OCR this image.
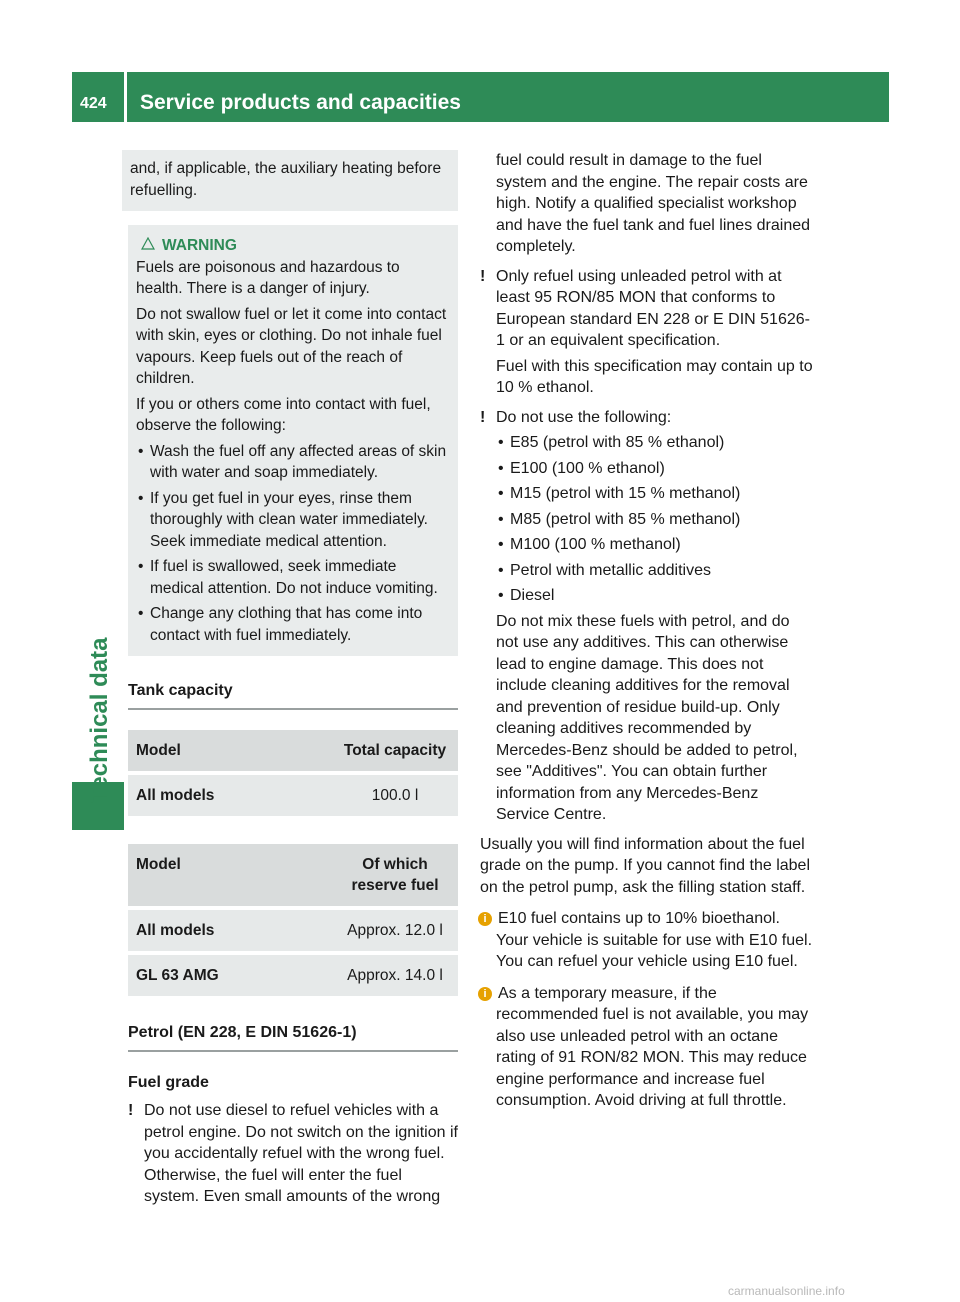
424 Service products and capacities
Technical data

and, if applicable, the auxiliary heating before refuelling.

WARNING

Fuels are poisonous and hazardous to health. There is a danger of injury.

Do not swallow fuel or let it come into contact with skin, eyes or clothing. Do not inhale fuel vapours. Keep fuels out of the reach of children.

If you or others come into contact with fuel, observe the following:

• Wash the fuel off any affected areas of skin with water and soap immediately.

• If you get fuel in your eyes, rinse them thoroughly with clean water immediately. Seek immediate medical attention.

• If fuel is swallowed, seek immediate medical attention. Do not induce vomiting.

• Change any clothing that has come into contact with fuel immediately.

Tank capacity
Model	Total capacity
All models	100.0 l
Model	Of which reserve fuel
All models	Approx. 12.0 l
GL 63 AMG	Approx. 14.0 l
Petrol (EN 228, E DIN 51626-1)
Fuel grade

! Do not use diesel to refuel vehicles with a petrol engine. Do not switch on the ignition if you accidentally refuel with the wrong fuel. Otherwise, the fuel will enter the fuel system. Even small amounts of the wrong

fuel could result in damage to the fuel system and the engine. The repair costs are high. Notify a qualified specialist workshop and have the fuel tank and fuel lines drained completely.

! Only refuel using unleaded petrol with at least 95 RON/85 MON that conforms to European standard EN 228 or E DIN 51626-1 or an equivalent specification.

Fuel with this specification may contain up to 10 % ethanol.

! Do not use the following:

• E85 (petrol with 85 % ethanol)

• E100 (100 % ethanol)

• M15 (petrol with 15 % methanol)

• M85 (petrol with 85 % methanol)

• M100 (100 % methanol)

• Petrol with metallic additives

• Diesel

Do not mix these fuels with petrol, and do not use any additives. This can otherwise lead to engine damage. This does not include cleaning additives for the removal and prevention of residue build-up. Only cleaning additives recommended by Mercedes-Benz should be added to petrol, see "Additives". You can obtain further information from any Mercedes-Benz Service Centre.

Usually you will find information about the fuel grade on the pump. If you cannot find the label on the petrol pump, ask the filling station staff.

i E10 fuel contains up to 10% bioethanol. Your vehicle is suitable for use with E10 fuel. You can refuel your vehicle using E10 fuel.

i As a temporary measure, if the recommended fuel is not available, you may also use unleaded petrol with an octane rating of 91 RON/82 MON. This may reduce engine performance and increase fuel consumption. Avoid driving at full throttle.

carmanualsonline.info
